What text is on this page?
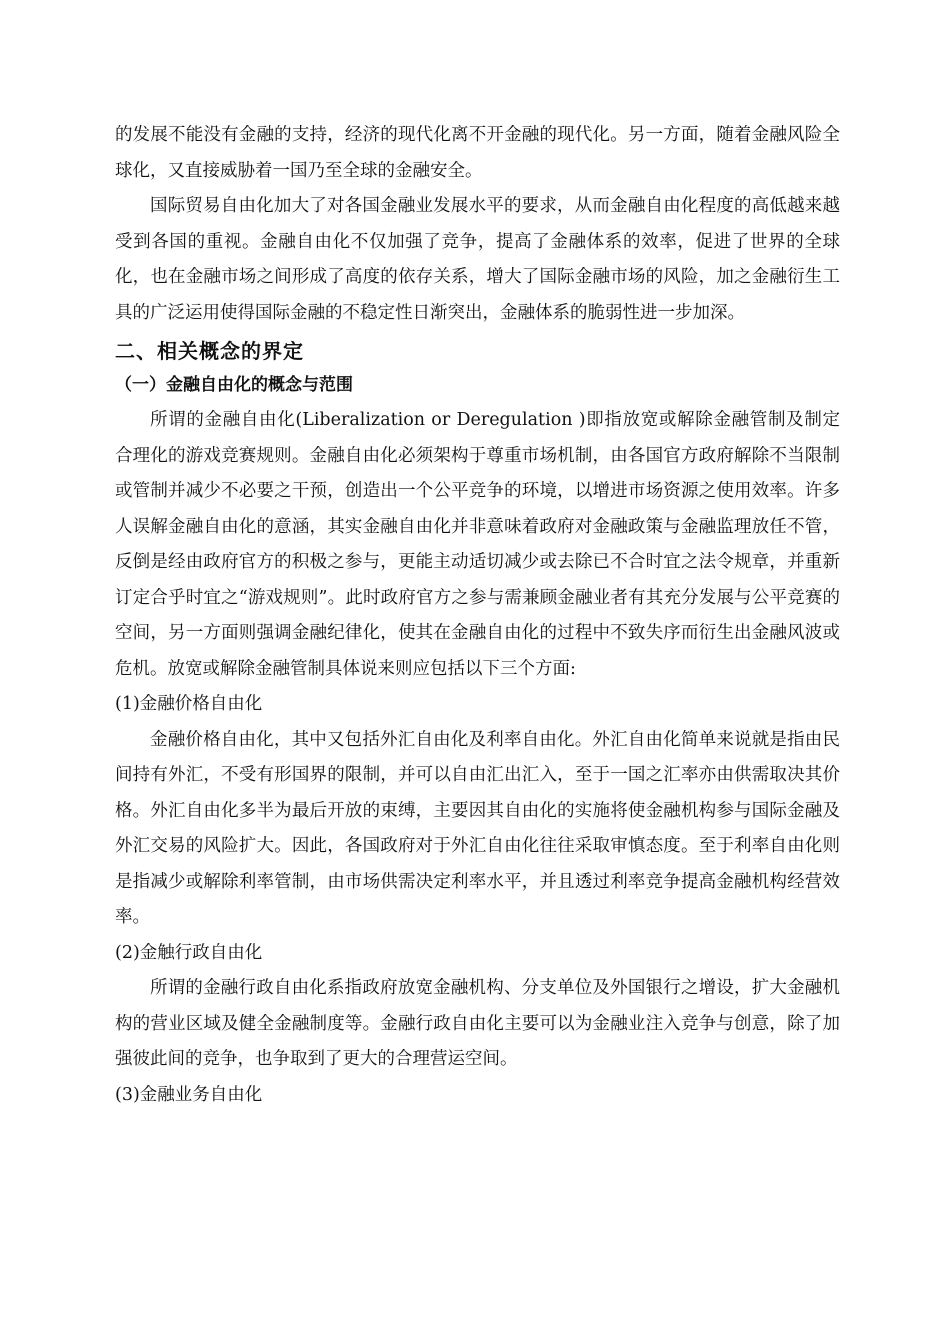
的发展不能没有金融的支持，经济的现代化离不开金融的现代化。另一方面，随着金融风险全球化，又直接威胁着一国乃至全球的金融安全。

国际贸易自由化加大了对各国金融业发展水平的要求，从而金融自由化程度的高低越来越受到各国的重视。金融自由化不仅加强了竞争，提高了金融体系的效率，促进了世界的全球化，也在金融市场之间形成了高度的依存关系，增大了国际金融市场的风险，加之金融衍生工具的广泛运用使得国际金融的不稳定性日渐突出，金融体系的脆弱性进一步加深。

二、相关概念的界定
（一）金融自由化的概念与范围

所谓的金融自由化(Liberalization or Deregulation )即指放宽或解除金融管制及制定合理化的游戏竞赛规则。金融自由化必须架构于尊重市场机制，由各国官方政府解除不当限制或管制并减少不必要之干预，创造出一个公平竞争的环境，以增进市场资源之使用效率。许多人误解金融自由化的意涵，其实金融自由化并非意味着政府对金融政策与金融监理放任不管，反倒是经由政府官方的积极之参与，更能主动适切减少或去除已不合时宜之法令规章，并重新订定合乎时宜之“游戏规则”。此时政府官方之参与需兼顾金融业者有其充分发展与公平竞赛的空间，另一方面则强调金融纪律化，使其在金融自由化的过程中不致失序而衍生出金融风波或危机。放宽或解除金融管制具体说来则应包括以下三个方面:

(1)金融价格自由化

金融价格自由化，其中又包括外汇自由化及利率自由化。外汇自由化简单来说就是指由民间持有外汇，不受有形国界的限制，并可以自由汇出汇入，至于一国之汇率亦由供需取决其价格。外汇自由化多半为最后开放的束缚，主要因其自由化的实施将使金融机构参与国际金融及外汇交易的风险扩大。因此，各国政府对于外汇自由化往往采取审慎态度。至于利率自由化则是指减少或解除利率管制，由市场供需决定利率水平，并且透过利率竞争提高金融机构经营效率。

(2)金触行政自由化

所谓的金融行政自由化系指政府放宽金融机构、分支单位及外国银行之增设，扩大金融机构的营业区域及健全金融制度等。金融行政自由化主要可以为金融业注入竞争与创意，除了加强彼此间的竞争，也争取到了更大的合理营运空间。

(3)金融业务自由化
